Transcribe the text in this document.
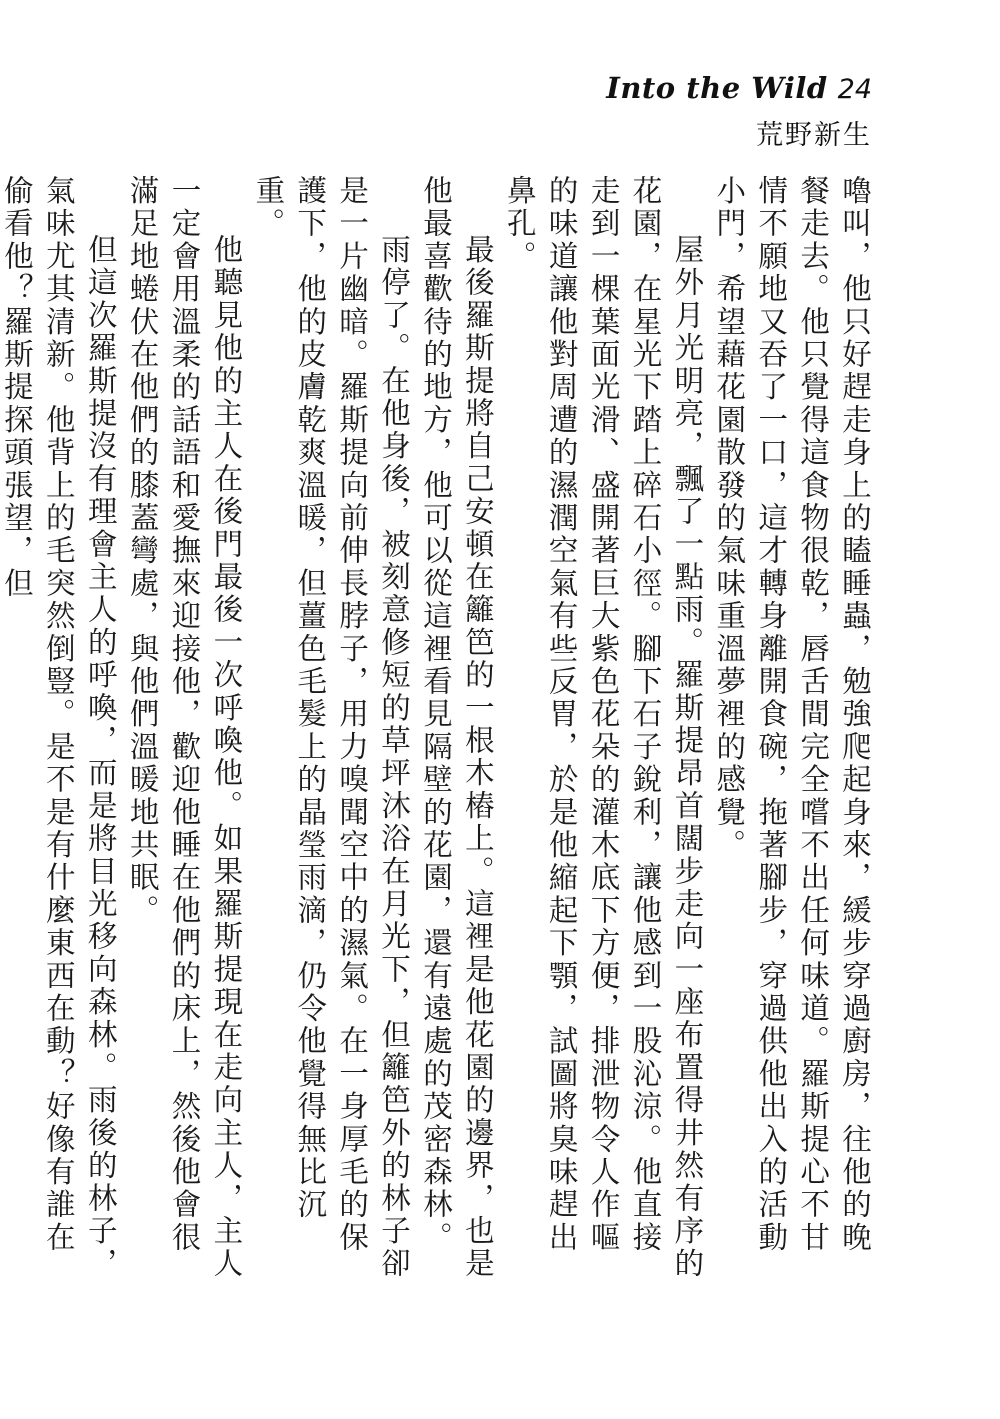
Into the Wild 24
荒野新生

嚕叫，他只好趕走身上的瞌睡蟲，勉強爬起身來，緩步穿過廚房，往他的晚餐走去。他只覺得這食物很乾，唇舌間完全嚐不出任何味道。羅斯提心不甘情不願地又吞了一口，這才轉身離開食碗，拖著腳步，穿過供他出入的活動小門，希望藉花園散發的氣味重溫夢裡的感覺。

屋外月光明亮，飄了一點雨。羅斯提昂首闊步走向一座布置得井然有序的花園，在星光下踏上碎石小徑。腳下石子銳利，讓他感到一股沁涼。他直接走到一棵葉面光滑、盛開著巨大紫色花朵的灌木底下方便，排泄物令人作嘔的味道讓他對周遭的濕潤空氣有些反胃，於是他縮起下顎，試圖將臭味趕出鼻孔。

最後羅斯提將自己安頓在籬笆的一根木樁上。這裡是他花園的邊界，也是他最喜歡待的地方，他可以從這裡看見隔壁的花園，還有遠處的茂密森林。

雨停了。在他身後，被刻意修短的草坪沐浴在月光下，但籬笆外的林子卻是一片幽暗。羅斯提向前伸長脖子，用力嗅聞空中的濕氣。在一身厚毛的保護下，他的皮膚乾爽溫暖，但薑色毛髮上的晶瑩雨滴，仍令他覺得無比沉重。

他聽見他的主人在後門最後一次呼喚他。如果羅斯提現在走向主人，主人一定會用溫柔的話語和愛撫來迎接他，歡迎他睡在他們的床上，然後他會很滿足地蜷伏在他們的膝蓋彎處，與他們溫暖地共眠。

但這次羅斯提沒有理會主人的呼喚，而是將目光移向森林。雨後的林子，氣味尤其清新。他背上的毛突然倒豎。是不是有什麼東西在動？好像有誰在偷看他？羅斯提探頭張望，但
